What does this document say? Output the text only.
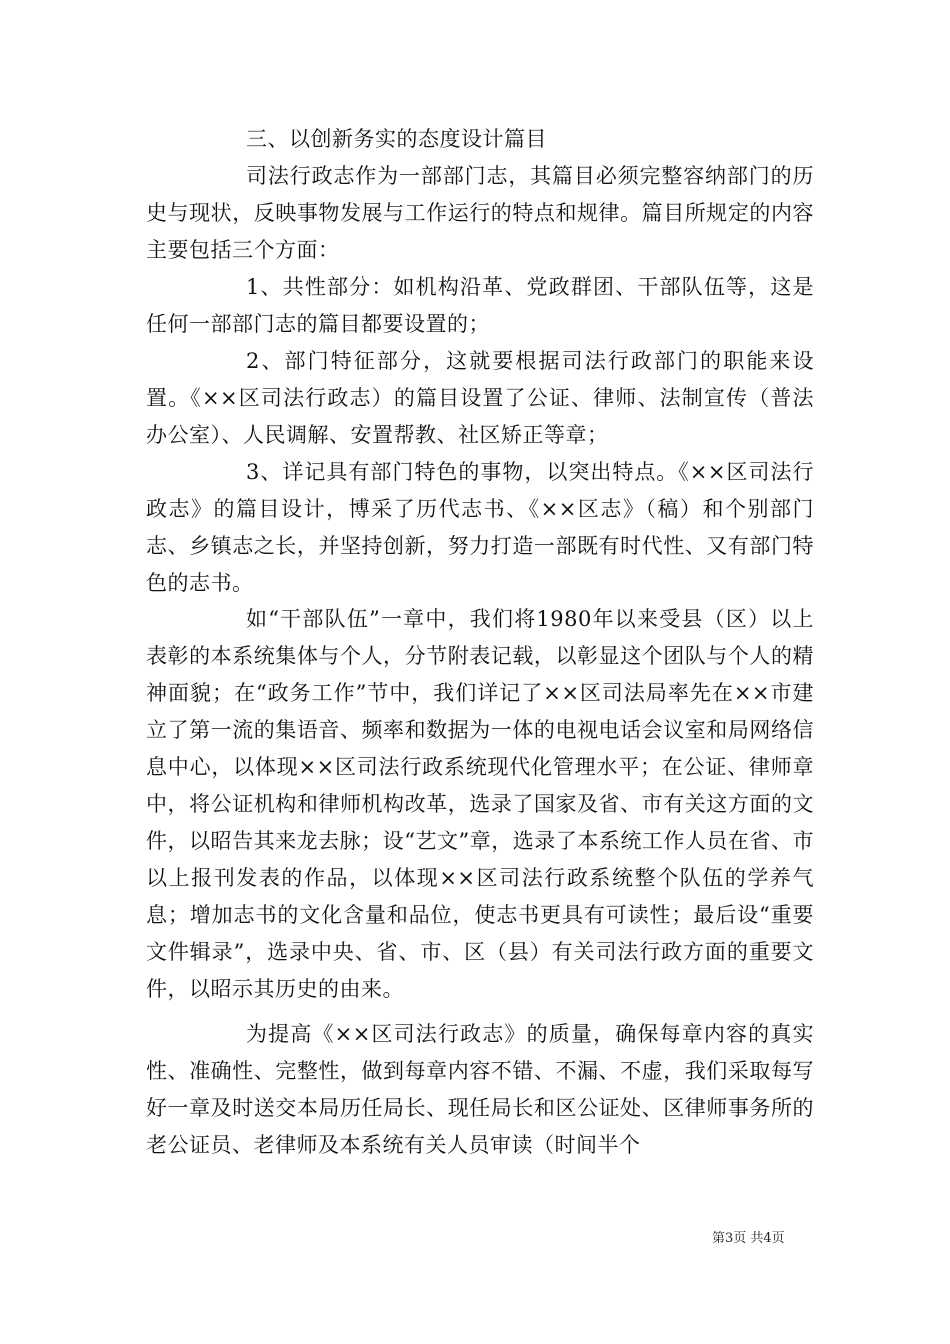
三、以创新务实的态度设计篇目

司法行政志作为一部部门志，其篇目必须完整容纳部门的历史与现状，反映事物发展与工作运行的特点和规律。篇目所规定的内容主要包括三个方面：

1、共性部分：如机构沿革、党政群团、干部队伍等，这是任何一部部门志的篇目都要设置的；

2、部门特征部分，这就要根据司法行政部门的职能来设置。《××区司法行政志）的篇目设置了公证、律师、法制宣传（普法办公室）、人民调解、安置帮教、社区矫正等章；

3、详记具有部门特色的事物，以突出特点。《××区司法行政志》的篇目设计，博采了历代志书、《××区志》（稿）和个别部门志、乡镇志之长，并坚持创新，努力打造一部既有时代性、又有部门特色的志书。

如“干部队伍”一章中，我们将1980年以来受县（区）以上表彰的本系统集体与个人，分节附表记载，以彰显这个团队与个人的精神面貌；在“政务工作”节中，我们详记了××区司法局率先在××市建立了第一流的集语音、频率和数据为一体的电视电话会议室和局网络信息中心，以体现××区司法行政系统现代化管理水平；在公证、律师章中，将公证机构和律师机构改革，选录了国家及省、市有关这方面的文件，以昭告其来龙去脉；设“艺文”章，选录了本系统工作人员在省、市以上报刊发表的作品，以体现××区司法行政系统整个队伍的学养气息；增加志书的文化含量和品位，使志书更具有可读性；最后设“重要文件辑录”，选录中央、省、市、区（县）有关司法行政方面的重要文件，以昭示其历史的由来。

为提高《××区司法行政志》的质量，确保每章内容的真实性、准确性、完整性，做到每章内容不错、不漏、不虚，我们采取每写好一章及时送交本局历任局长、现任局长和区公证处、区律师事务所的老公证员、老律师及本系统有关人员审读（时间半个

第3页 共4页
